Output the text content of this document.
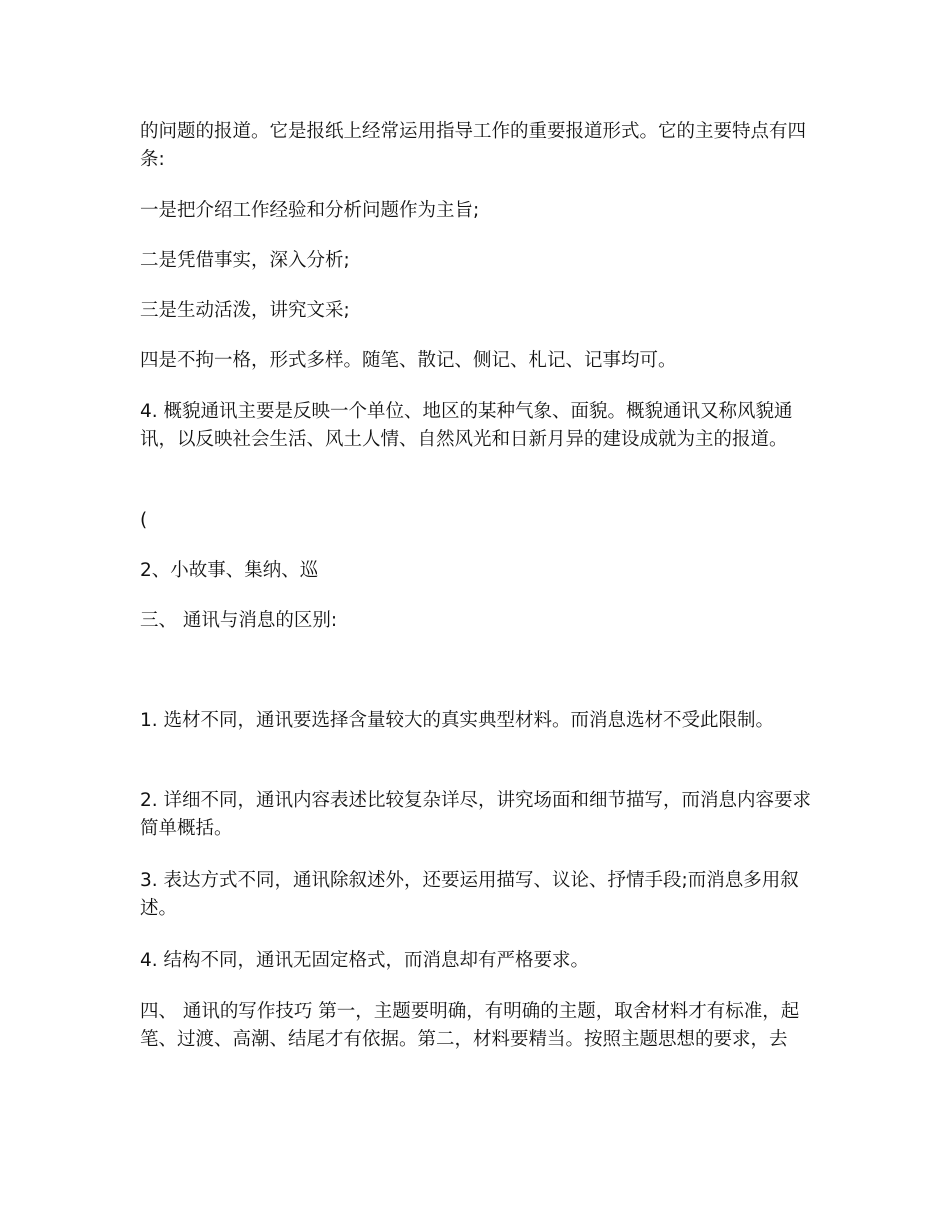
的问题的报道。它是报纸上经常运用指导工作的重要报道形式。它的主要特点有四条:

一是把介绍工作经验和分析问题作为主旨;

二是凭借事实，深入分析;

三是生动活泼，讲究文采;

四是不拘一格，形式多样。随笔、散记、侧记、札记、记事均可。

4. 概貌通讯主要是反映一个单位、地区的某种气象、面貌。概貌通讯又称风貌通讯，以反映社会生活、风土人情、自然风光和日新月异的建设成就为主的报道。

(

2、小故事、集纳、巡

三、 通讯与消息的区别:

1. 选材不同，通讯要选择含量较大的真实典型材料。而消息选材不受此限制。

2. 详细不同，通讯内容表述比较复杂详尽，讲究场面和细节描写，而消息内容要求简单概括。

3. 表达方式不同，通讯除叙述外，还要运用描写、议论、抒情手段;而消息多用叙述。

4. 结构不同，通讯无固定格式，而消息却有严格要求。

四、 通讯的写作技巧 第一，主题要明确，有明确的主题，取舍材料才有标准，起笔、过渡、高潮、结尾才有依据。第二，材料要精当。按照主题思想的要求，去
